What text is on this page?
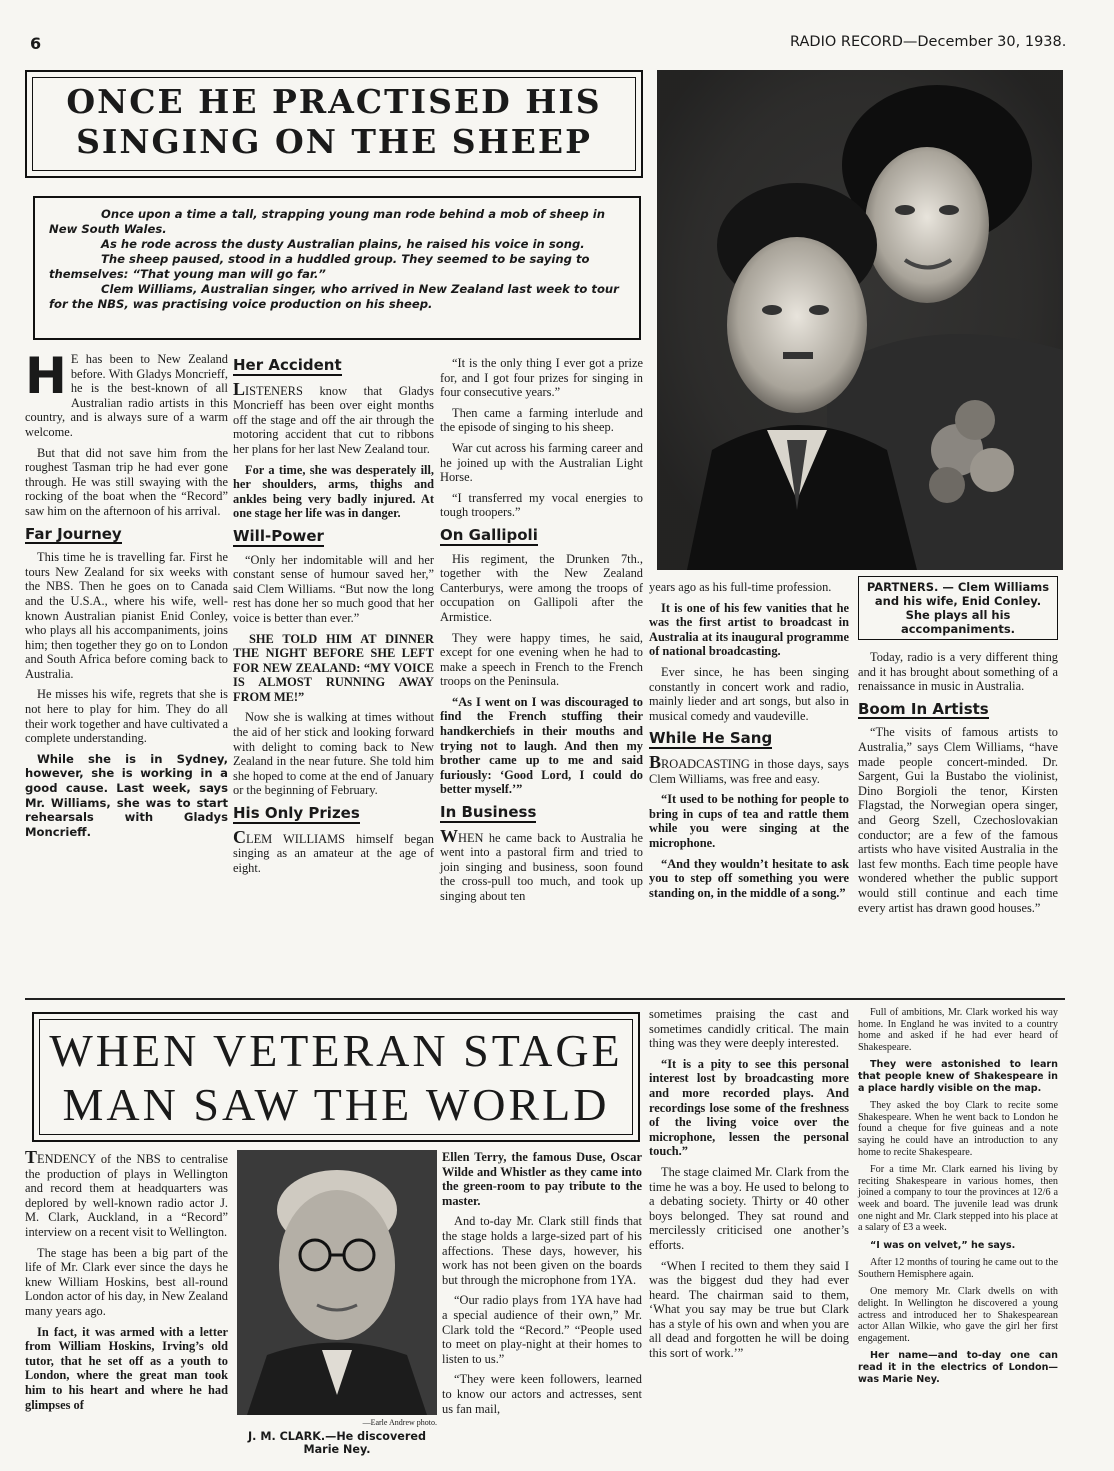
6	RADIO RECORD—December 30, 1938.
ONCE HE PRACTISED HIS
SINGING ON THE SHEEP

Once upon a time a tall, strapping young man rode behind a mob of sheep in New South Wales.

As he rode across the dusty Australian plains, he raised his voice in song.

The sheep paused, stood in a huddled group. They seemed to be saying to themselves: “That young man will go far.”

Clem Williams, Australian singer, who arrived in New Zealand last week to tour for the NBS, was practising voice production on his sheep.

PARTNERS. — Clem Williams and his wife, Enid Conley. She plays all his accompaniments.

H E has been to New Zealand before. With Gladys Moncrieff, he is the best-known of all Australian radio artists in this country, and is always sure of a warm welcome.

But that did not save him from the roughest Tasman trip he had ever gone through. He was still swaying with the rocking of the boat when the “Record” saw him on the afternoon of his arrival.

Far Journey

This time he is travelling far. First he tours New Zealand for six weeks with the NBS. Then he goes on to Canada and the U.S.A., where his wife, well-known Australian pianist Enid Conley, who plays all his accompaniments, joins him; then together they go on to London and South Africa before coming back to Australia.

He misses his wife, regrets that she is not here to play for him. They do all their work together and have cultivated a complete understanding.

While she is in Sydney, however, she is working in a good cause. Last week, says Mr. Williams, she was to start rehearsals with Gladys Moncrieff.

Her Accident

LISTENERS know that Gladys Moncrieff has been over eight months off the stage and off the air through the motoring accident that cut to ribbons her plans for her last New Zealand tour.

For a time, she was desperately ill, her shoulders, arms, thighs and ankles being very badly injured. At one stage her life was in danger.

Will-Power

“Only her indomitable will and her constant sense of humour saved her,” said Clem Williams. “But now the long rest has done her so much good that her voice is better than ever.”

SHE TOLD HIM AT DINNER THE NIGHT BEFORE SHE LEFT FOR NEW ZEALAND: “MY VOICE IS ALMOST RUNNING AWAY FROM ME!”

Now she is walking at times without the aid of her stick and looking forward with delight to coming back to New Zealand in the near future. She told him she hoped to come at the end of January or the beginning of February.

His Only Prizes

CLEM WILLIAMS himself began singing as an amateur at the age of eight.

“It is the only thing I ever got a prize for, and I got four prizes for singing in four consecutive years.”

Then came a farming interlude and the episode of singing to his sheep.

War cut across his farming career and he joined up with the Australian Light Horse.

“I transferred my vocal energies to tough troopers.”

On Gallipoli

His regiment, the Drunken 7th., together with the New Zealand Canterburys, were among the troops of occupation on Gallipoli after the Armistice.

They were happy times, he said, except for one evening when he had to make a speech in French to the French troops on the Peninsula.

“As I went on I was discouraged to find the French stuffing their handkerchiefs in their mouths and trying not to laugh. And then my brother came up to me and said furiously: ‘Good Lord, I could do better myself.’”

In Business

WHEN he came back to Australia he went into a pastoral firm and tried to join singing and business, soon found the cross-pull too much, and took up singing about ten

years ago as his full-time profession.

It is one of his few vanities that he was the first artist to broadcast in Australia at its inaugural programme of national broadcasting.

Ever since, he has been singing constantly in concert work and radio, mainly lieder and art songs, but also in musical comedy and vaudeville.

While He Sang

BROADCASTING in those days, says Clem Williams, was free and easy.

“It used to be nothing for people to bring in cups of tea and rattle them while you were singing at the microphone.

“And they wouldn’t hesitate to ask you to step off something you were standing on, in the middle of a song.”

Today, radio is a very different thing and it has brought about something of a renaissance in music in Australia.

Boom In Artists

“The visits of famous artists to Australia,” says Clem Williams, “have made people concert-minded. Dr. Sargent, Gui la Bustabo the violinist, Dino Borgioli the tenor, Kirsten Flagstad, the Norwegian opera singer, and Georg Szell, Czechoslovakian conductor; are a few of the famous artists who have visited Australia in the last few months. Each time people have wondered whether the public support would still continue and each time every artist has drawn good houses.”

WHEN VETERAN STAGE
MAN SAW THE WORLD

TENDENCY of the NBS to centralise the production of plays in Wellington and record them at headquarters was deplored by well-known radio actor J. M. Clark, Auckland, in a “Record” interview on a recent visit to Wellington.

The stage has been a big part of the life of Mr. Clark ever since the days he knew William Hoskins, best all-round London actor of his day, in New Zealand many years ago.

In fact, it was armed with a letter from William Hoskins, Irving’s old tutor, that he set off as a youth to London, where the great man took him to his heart and where he had glimpses of

—Earle Andrew photo.
J. M. CLARK.—He discovered Marie Ney.

Ellen Terry, the famous Duse, Oscar Wilde and Whistler as they came into the green-room to pay tribute to the master.

And to-day Mr. Clark still finds that the stage holds a large-sized part of his affections. These days, however, his work has not been given on the boards but through the microphone from 1YA.

“Our radio plays from 1YA have had a special audience of their own,” Mr. Clark told the “Record.” “People used to meet on play-night at their homes to listen to us.”

“They were keen followers, learned to know our actors and actresses, sent us fan mail,

sometimes praising the cast and sometimes candidly critical. The main thing was they were deeply interested.

“It is a pity to see this personal interest lost by broadcasting more and more recorded plays. And recordings lose some of the freshness of the living voice over the microphone, lessen the personal touch.”

The stage claimed Mr. Clark from the time he was a boy. He used to belong to a debating society. Thirty or 40 other boys belonged. They sat round and mercilessly criticised one another’s efforts.

“When I recited to them they said I was the biggest dud they had ever heard. The chairman said to them, ‘What you say may be true but Clark has a style of his own and when you are all dead and forgotten he will be doing this sort of work.’”

Full of ambitions, Mr. Clark worked his way home. In England he was invited to a country home and asked if he had ever heard of Shakespeare.

They were astonished to learn that people knew of Shakespeare in a place hardly visible on the map.

They asked the boy Clark to recite some Shakespeare. When he went back to London he found a cheque for five guineas and a note saying he could have an introduction to any home to recite Shakespeare.

For a time Mr. Clark earned his living by reciting Shakespeare in various homes, then joined a company to tour the provinces at 12/6 a week and board. The juvenile lead was drunk one night and Mr. Clark stepped into his place at a salary of £3 a week.

“I was on velvet,” he says.

After 12 months of touring he came out to the Southern Hemisphere again.

One memory Mr. Clark dwells on with delight. In Wellington he discovered a young actress and introduced her to Shakespearean actor Allan Wilkie, who gave the girl her first engagement.

Her name—and to-day one can read it in the electrics of London—was Marie Ney.
